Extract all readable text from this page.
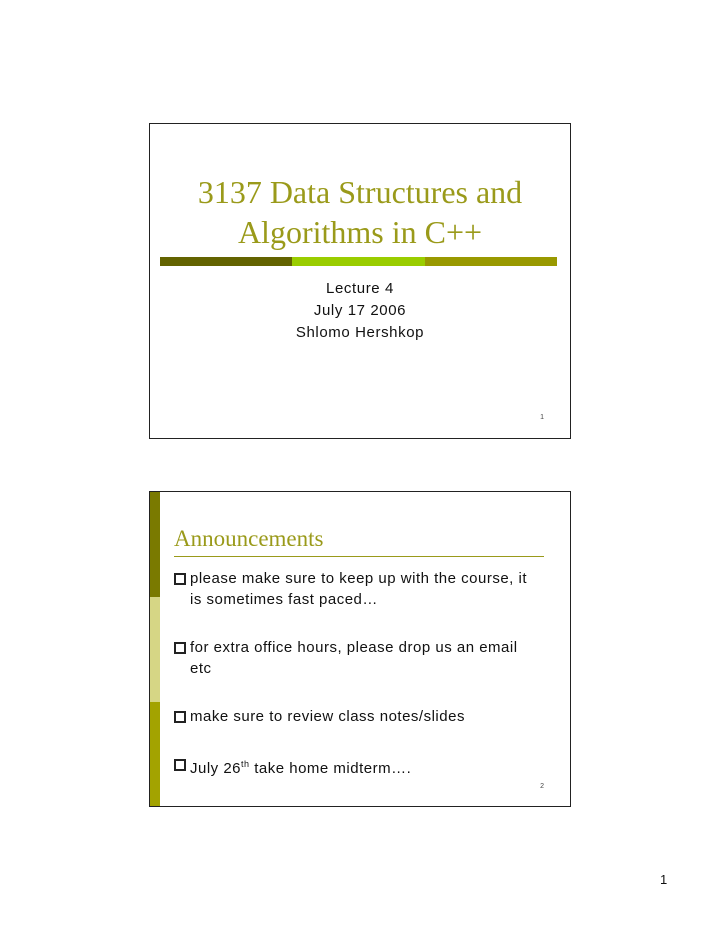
3137 Data Structures and
Algorithms in C++
Lecture 4
July 17 2006
Shlomo Hershkop
1
Announcements
please make sure to keep up with the course, it is sometimes fast paced…
for extra office hours, please drop us an email etc
make sure to review class notes/slides
July 26th take home midterm….
2
1
